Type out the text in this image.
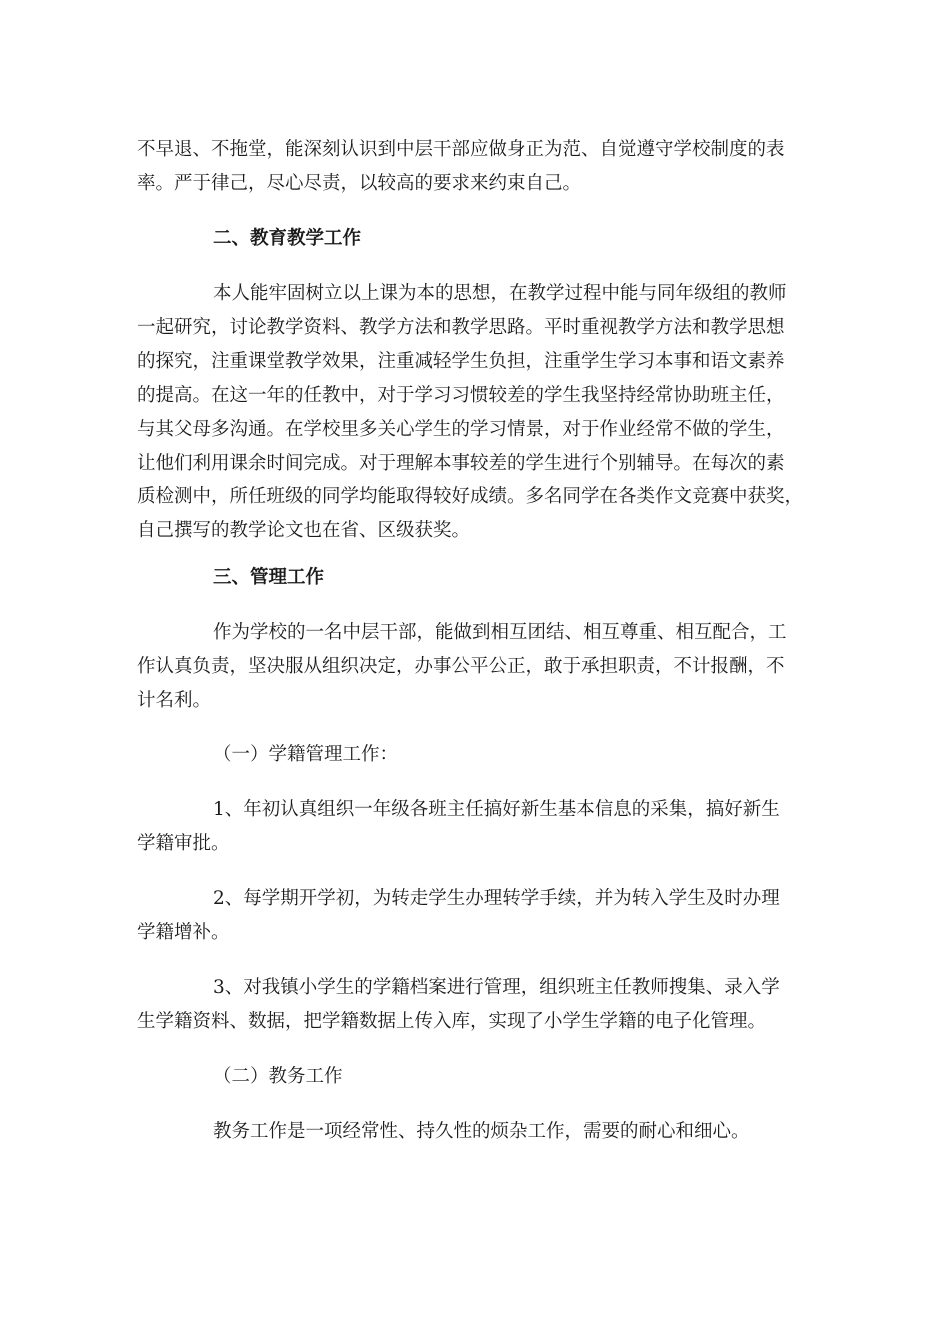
不早退、不拖堂，能深刻认识到中层干部应做身正为范、自觉遵守学校制度的表
率。严于律己，尽心尽责，以较高的要求来约束自己。
二、教育教学工作
本人能牢固树立以上课为本的思想，在教学过程中能与同年级组的教师
一起研究，讨论教学资料、教学方法和教学思路。平时重视教学方法和教学思想
的探究，注重课堂教学效果，注重减轻学生负担，注重学生学习本事和语文素养
的提高。在这一年的任教中，对于学习习惯较差的学生我坚持经常协助班主任，
与其父母多沟通。在学校里多关心学生的学习情景，对于作业经常不做的学生，
让他们利用课余时间完成。对于理解本事较差的学生进行个别辅导。在每次的素
质检测中，所任班级的同学均能取得较好成绩。多名同学在各类作文竞赛中获奖，
自己撰写的教学论文也在省、区级获奖。
三、管理工作
作为学校的一名中层干部，能做到相互团结、相互尊重、相互配合，工
作认真负责，坚决服从组织决定，办事公平公正，敢于承担职责，不计报酬，不
计名利。
（一）学籍管理工作：
1、年初认真组织一年级各班主任搞好新生基本信息的采集，搞好新生
学籍审批。
2、每学期开学初，为转走学生办理转学手续，并为转入学生及时办理
学籍增补。
3、对我镇小学生的学籍档案进行管理，组织班主任教师搜集、录入学
生学籍资料、数据，把学籍数据上传入库，实现了小学生学籍的电子化管理。
（二）教务工作
教务工作是一项经常性、持久性的烦杂工作，需要的耐心和细心。
